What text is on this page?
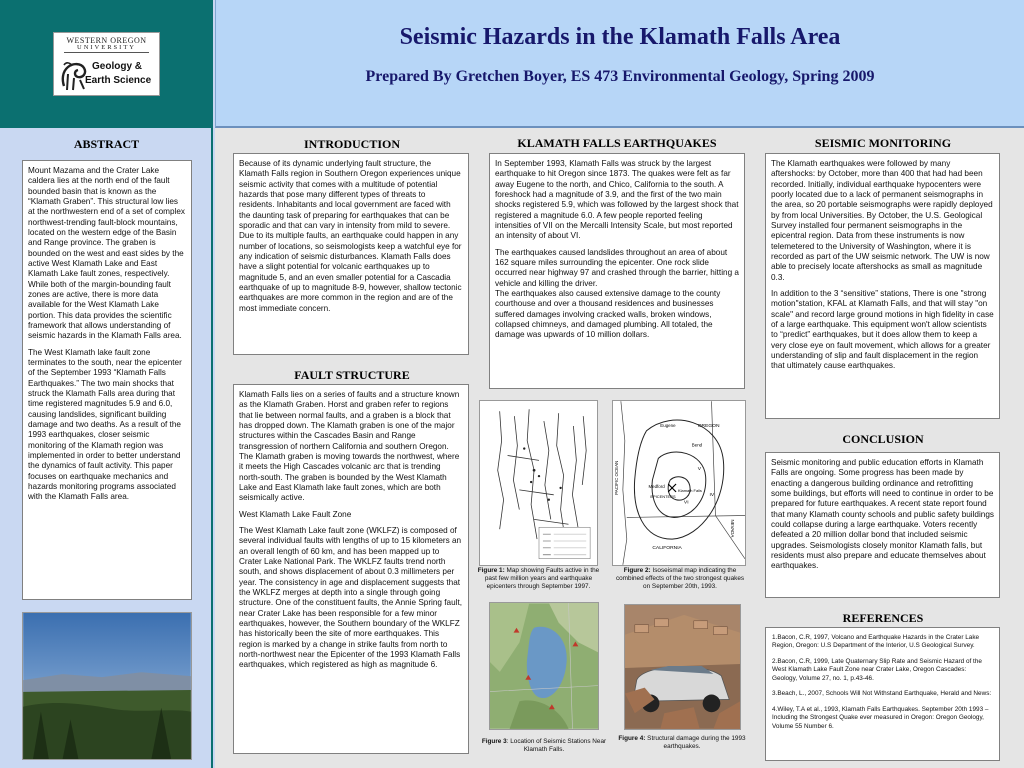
WESTERN OREGON
UNIVERSITY
Geology &
Earth Science
Seismic Hazards in the Klamath Falls Area
Prepared By Gretchen Boyer, ES 473 Environmental Geology, Spring 2009
ABSTRACT

Mount Mazama and the Crater Lake caldera lies at the north end of the fault bounded basin that is known as the “Klamath Graben”. This structural low lies at the northwestern end of a set of complex northwest-trending fault-block mountains, located on the western edge of the Basin and Range province. The graben is bounded on the west and east sides by the active West Klamath Lake and East Klamath Lake fault zones, respectively. While both of the margin-bounding fault zones are active, there is more data available for the West Klamath Lake portion. This data provides the scientific framework that allows understanding of seismic hazards in the Klamath Falls area.

The West Klamath lake fault zone terminates to the south, near the epicenter of the September 1993 “Klamath Falls Earthquakes.” The two main shocks that struck the Klamath Falls area during that time registered magnitudes 5.9 and 6.0, causing landslides, significant building damage and two deaths. As a result of the 1993 earthquakes, closer seismic monitoring of the Klamath region was implemented in order to better understand the dynamics of fault activity. This paper focuses on earthquake mechanics and hazards monitoring programs associated with the Klamath Falls area.

INTRODUCTION

Because of its dynamic underlying fault structure, the Klamath Falls region in Southern Oregon experiences unique seismic activity that comes with a multitude of potential hazards that pose many different types of threats to residents. Inhabitants and local government are faced with the daunting task of preparing for earthquakes that can be sporadic and that can vary in intensity from mild to severe. Due to its multiple faults, an earthquake could happen in any number of locations, so seismologists keep a watchful eye for any indication of seismic disturbances. Klamath Falls does have a slight potential for volcanic earthquakes up to magnitude 5, and an even smaller potential for a Cascadia earthquake of up to magnitude 8-9, however, shallow tectonic earthquakes are more common in the region and are of the most immediate concern.

FAULT STRUCTURE

Klamath Falls lies on a series of faults and a structure known as the Klamath Graben. Horst and graben refer to regions that lie between normal faults, and a graben is a block that has dropped down. The Klamath graben is one of the major structures within the Cascades Basin and Range transgression of northern California and southern Oregon. The Klamath graben is moving towards the northwest, where it meets the High Cascades volcanic arc that is trending north-south. The graben is bounded by the West Klamath Lake and East Klamath lake fault zones, which are both seismically active.

West Klamath Lake Fault Zone

The West Klamath Lake fault zone (WKLFZ) is composed of several individual faults with lengths of up to 15 kilometers an an overall length of 60 km, and has been mapped up to Crater Lake National Park. The WKLFZ faults trend north south, and shows displacement of about 0.3 millimeters per year. The consistency in age and displacement suggests that the WKLFZ merges at depth into a single through going structure. One of the constituent faults, the Annie Spring fault, near Crater Lake has been responsible for a few minor earthquakes, however, the Southern boundary of the WKLFZ has historically been the site of more earthquakes. This region is marked by a change in strike faults from north to north-northwest near the Epicenter of the 1993 Klamath Falls earthquakes, which registered as high as magnitude 6.

KLAMATH FALLS EARTHQUAKES

In September 1993, Klamath Falls was struck by the largest earthquake to hit Oregon since 1873. The quakes were felt as far away Eugene to the north, and Chico, California to the south. A foreshock had a magnitude of 3.9, and the first of the two main shocks registered 5.9, which was followed by the largest shock that registered a magnitude 6.0. A few people reported feeling intensities of VII on the Mercalli Intensity Scale, but most reported an intensity of about VI.

The earthquakes caused landslides throughout an area of about 162 square miles surrounding the epicenter. One rock slide occurred near highway 97 and crashed through the barrier, hitting a vehicle and killing the driver.
The earthquakes also caused extensive damage to the county courthouse and over a thousand residences and businesses suffered damages involving cracked walls, broken windows, collapsed chimneys, and damaged plumbing. All totaled, the damage was upwards of 10 million dollars.

Figure 1: Map showing Faults active in the past few million years and earthquake epicenters through September 1997.
OREGON
CALIFORNIA
PACIFIC OCEAN
NEVADA
Eugene
Bend
Medford
Klamath Falls
VI
V
IV
EPICENTERS
Figure 2: Isoseismal map indicating the combined effects of the two strongest quakes on September 20th, 1993.
Figure 3: Location of Seismic Stations Near Klamath Falls.
Figure 4: Structural damage during the 1993 earthquakes.
SEISMIC MONITORING

The Klamath earthquakes were followed by many aftershocks: by October, more than 400 that had had been recorded. Initially, individual earthquake hypocenters were poorly located due to a lack of permanent seismographs in the area, so 20 portable seismographs were rapidly deployed by from local Universities. By October, the U.S. Geological Survey installed four permanent seismographs in the epicentral region. Data from these instruments is now telemetered to the University of Washington, where it is recorded as part of the UW seismic network. The UW is now able to precisely locate aftershocks as small as magnitude 0.3.

In addition to the 3 “sensitive” stations, There is one "strong motion"station, KFAL at Klamath Falls, and that will stay "on scale" and record large ground motions in high fidelity in case of a large earthquake. This equipment won't allow scientists to “predict” earthquakes, but it does allow them to keep a very close eye on fault movement, which allows for a greater understanding of slip and fault displacement in the region that ultimately cause earthquakes.

CONCLUSION

Seismic monitoring and public education efforts in Klamath Falls are ongoing. Some progress has been made by enacting a dangerous building ordinance and retrofitting some buildings, but efforts will need to continue in order to be prepared for future earthquakes. A recent state report found that many Klamath county schools and public safety buildings could collapse during a large earthquake. Voters recently defeated a 20 million dollar bond that included seismic upgrades. Seismologists closely monitor Klamath falls, but residents must also prepare and educate themselves about earthquakes.

REFERENCES

1.Bacon, C.R, 1997, Volcano and Earthquake Hazards in the Crater Lake Region, Oregon: U.S Department of the Interior, U.S Geological Survey.

2.Bacon, C.R, 1999, Late Quaternary Slip Rate and Seismic Hazard of the West Klamath Lake Fault Zone near Crater Lake, Oregon Cascades: Geology, Volume 27, no. 1, p.43-46.

3.Beach, L., 2007, Schools Will Not Withstand Earthquake, Herald and News:

4.Wiley, T.A et al., 1993, Klamath Falls Earthquakes. September 20th 1993 – Including the Strongest Quake ever measured in Oregon: Oregon Geology, Volume 55 Number 6.
